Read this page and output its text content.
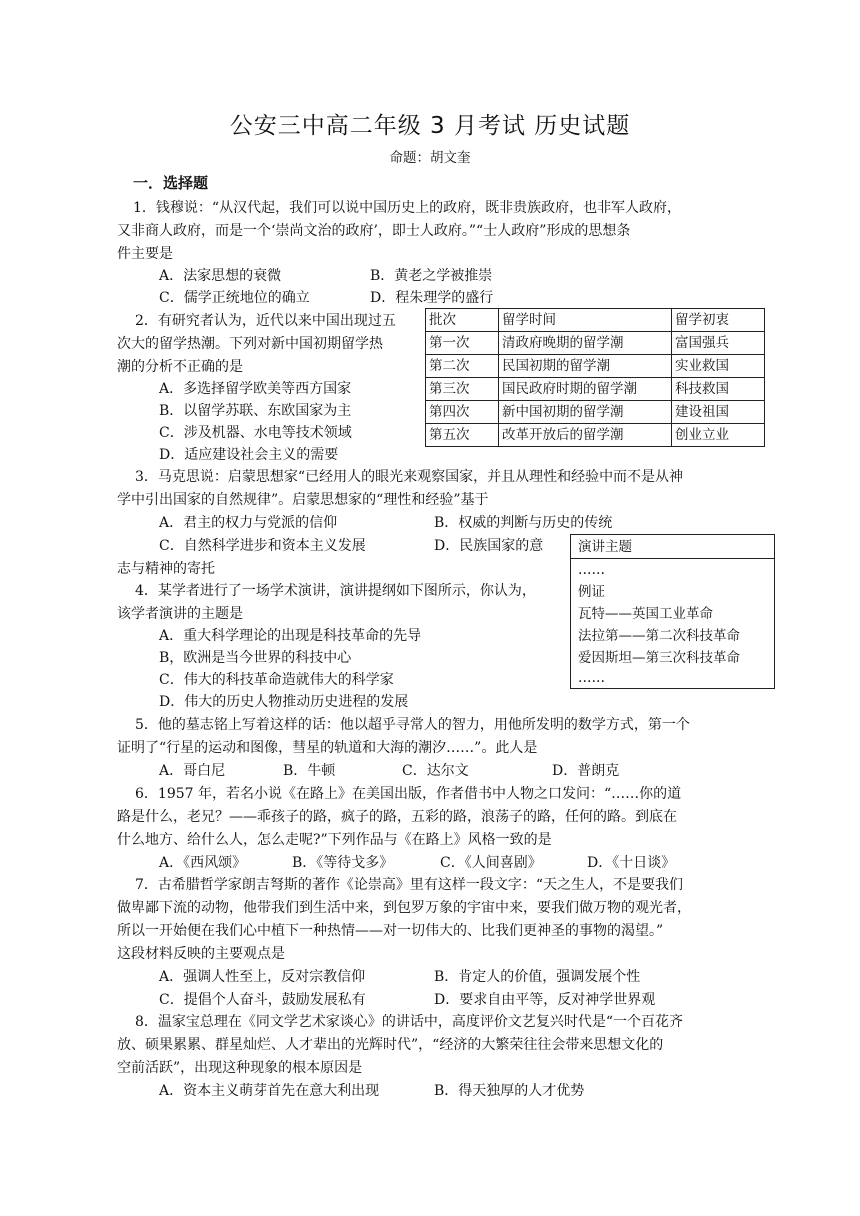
公安三中高二年级 3 月考试 历史试题
命题：胡文奎
一．选择题
1．钱穆说：“从汉代起，我们可以说中国历史上的政府，既非贵族政府，也非军人政府，
又非商人政府，而是一个‘崇尚文治的政府’，即士人政府。”“士人政府”形成的思想条
件主要是
A．法家思想的衰微	B．黄老之学被推崇
C．儒学正统地位的确立	D．程朱理学的盛行
2．有研究者认为，近代以来中国出现过五
次大的留学热潮。下列对新中国初期留学热
潮的分析不正确的是
A．多选择留学欧美等西方国家
B．以留学苏联、东欧国家为主
C．涉及机器、水电等技术领域
D．适应建设社会主义的需要
批次	留学时间	留学初衷
第一次	清政府晚期的留学潮	富国强兵
第二次	民国初期的留学潮	实业救国
第三次	国民政府时期的留学潮	科技救国
第四次	新中国初期的留学潮	建设祖国
第五次	改革开放后的留学潮	创业立业
3．马克思说：启蒙思想家“已经用人的眼光来观察国家，并且从理性和经验中而不是从神
学中引出国家的自然规律”。启蒙思想家的“理性和经验”基于
A．君主的权力与党派的信仰	B．权威的判断与历史的传统
C．自然科学进步和资本主义发展	D．民族国家的意
志与精神的寄托
演讲主题
……
例证
瓦特——英国工业革命
法拉第——第二次科技革命
爱因斯坦—第三次科技革命
……
4．某学者进行了一场学术演讲，演讲提纲如下图所示，你认为，
该学者演讲的主题是
A．重大科学理论的出现是科技革命的先导
B，欧洲是当今世界的科技中心
C．伟大的科技革命造就伟大的科学家
D．伟大的历史人物推动历史进程的发展
5．他的墓志铭上写着这样的话：他以超乎寻常人的智力，用他所发明的数学方式，第一个
证明了“行星的运动和图像，彗星的轨道和大海的潮汐……”。此人是
A．哥白尼	B．牛顿	C．达尔文	D．普朗克
6．1957 年，若名小说《在路上》在美国出版，作者借书中人物之口发问：“……你的道
路是什么，老兄？——乖孩子的路，疯子的路，五彩的路，浪荡子的路，任何的路。到底在
什么地方、给什么人，怎么走呢?”下列作品与《在路上》风格一致的是
A．《西风颂》	B．《等待戈多》	C．《人间喜剧》	D．《十日谈》
7．古希腊哲学家朗吉弩斯的著作《论崇高》里有这样一段文字：“天之生人，不是要我们
做卑鄙下流的动物，他带我们到生活中来，到包罗万象的宇宙中来，要我们做万物的观光者，
所以一开始便在我们心中植下一种热情——对一切伟大的、比我们更神圣的事物的渴望。”
这段材料反映的主要观点是
A．强调人性至上，反对宗教信仰	B．肯定人的价值，强调发展个性
C．提倡个人奋斗，鼓励发展私有	D．要求自由平等，反对神学世界观
8．温家宝总理在《同文学艺术家谈心》的讲话中，高度评价文艺复兴时代是“一个百花齐
放、硕果累累、群星灿烂、人才辈出的光辉时代”，“经济的大繁荣往往会带来思想文化的
空前活跃”，出现这种现象的根本原因是
A．资本主义萌芽首先在意大利出现	B．得天独厚的人才优势
